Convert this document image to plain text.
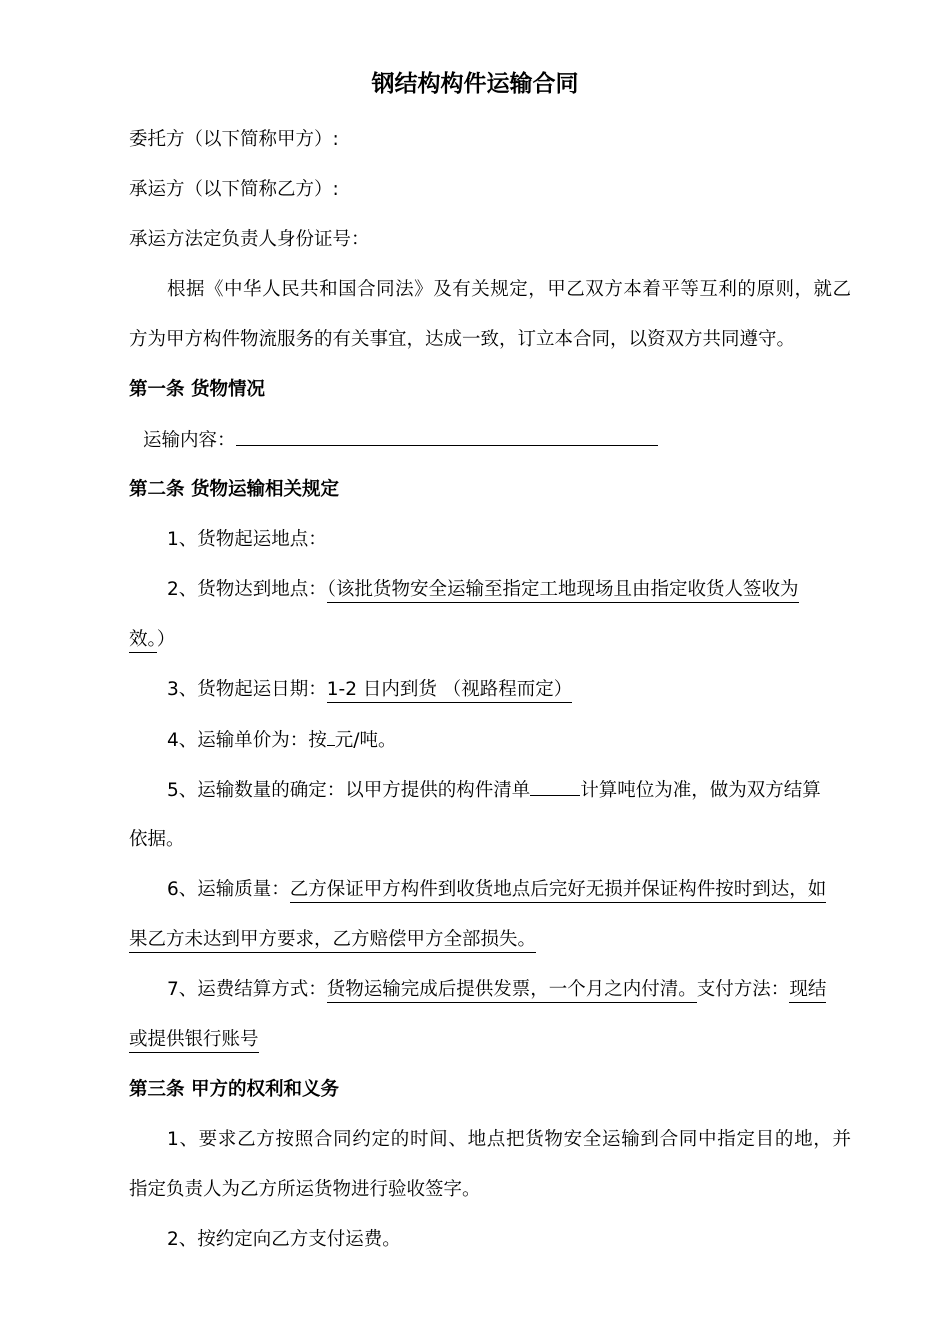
钢结构构件运输合同
委托方（以下简称甲方）:
承运方（以下简称乙方）:
承运方法定负责人身份证号：
根据《中华人民共和国合同法》及有关规定，甲乙双方本着平等互利的原则，就乙
方为甲方构件物流服务的有关事宜，达成一致，订立本合同，以资双方共同遵守。
第一条 货物情况
运输内容：
第二条 货物运输相关规定
1、货物起运地点：
2、货物达到地点：（该批货物安全运输至指定工地现场且由指定收货人签收为
效。）
3、货物起运日期：1-2 日内到货 （视路程而定）
4、运输单价为：按 元/吨。
5、运输数量的确定：以甲方提供的构件清单	计算吨位为准，做为双方结算
依据。
6、运输质量：乙方保证甲方构件到收货地点后完好无损并保证构件按时到达，如
果乙方未达到甲方要求，乙方赔偿甲方全部损失。
7、运费结算方式：货物运输完成后提供发票，一个月之内付清。支付方法：现结
或提供银行账号
第三条 甲方的权利和义务
1、要求乙方按照合同约定的时间、地点把货物安全运输到合同中指定目的地，并
指定负责人为乙方所运货物进行验收签字。
2、按约定向乙方支付运费。
